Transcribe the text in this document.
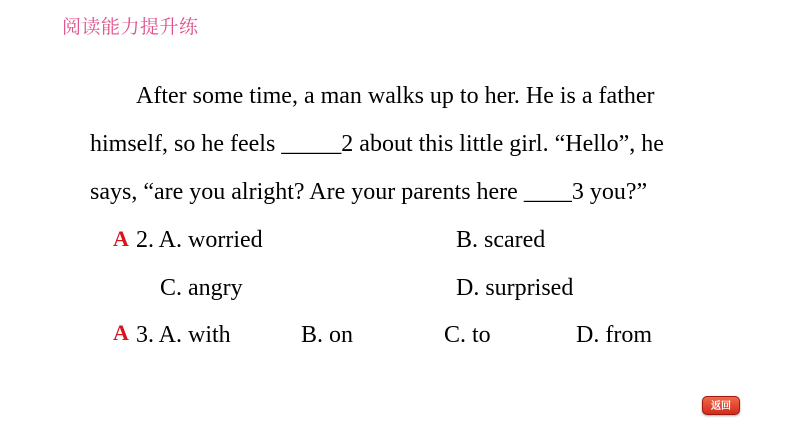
阅读能力提升练
After some time, a man walks up to her. He is a father
himself, so he feels _____2 about this little girl. “Hello”, he
says, “are you alright? Are your parents here ____3 you?”
A 2. A. worried	B. scared
C. angry	D. surprised
A 3. A. with	B. on	C. to	D. from
返回
